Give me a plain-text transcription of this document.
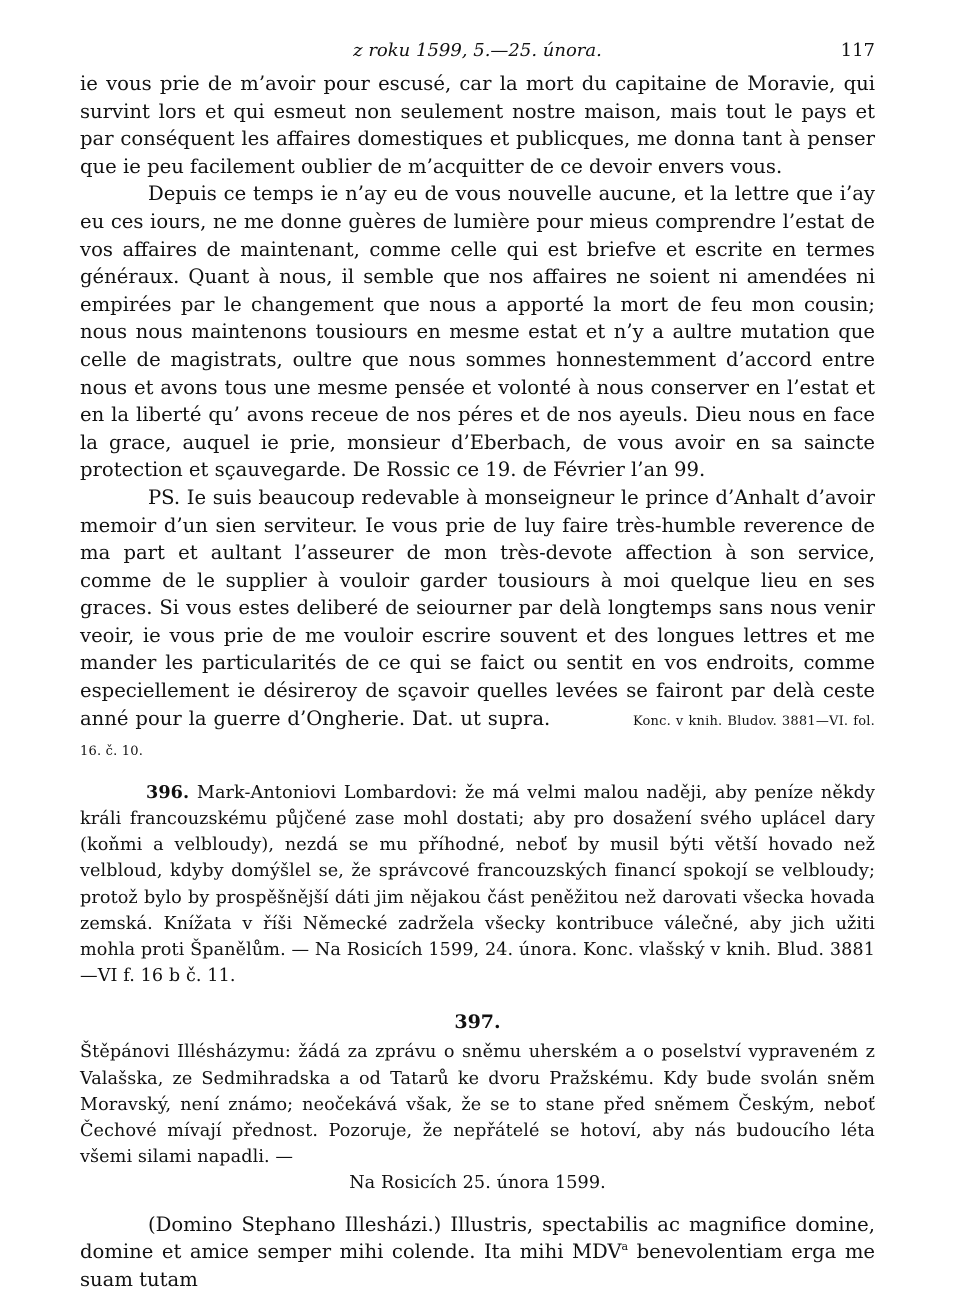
z roku 1599, 5.—25. února.	117

ie vous prie de m’avoir pour escusé, car la mort du capitaine de Moravie, qui survint lors et qui esmeut non seulement nostre maison, mais tout le pays et par conséquent les affaires domestiques et publicques, me donna tant à penser que ie peu facilement oublier de m’acquitter de ce devoir envers vous.

Depuis ce temps ie n’ay eu de vous nouvelle aucune, et la lettre que i’ay eu ces iours, ne me donne guères de lumière pour mieus comprendre l’estat de vos affaires de maintenant, comme celle qui est briefve et escrite en termes généraux. Quant à nous, il semble que nos affaires ne soient ni amendées ni empirées par le changement que nous a apporté la mort de feu mon cousin; nous nous maintenons tousiours en mesme estat et n’y a aultre mutation que celle de magistrats, oultre que nous sommes honnestemment d’accord entre nous et avons tous une mesme pensée et volonté à nous conserver en l’estat et en la liberté qu’ avons receue de nos péres et de nos ayeuls. Dieu nous en face la grace, auquel ie prie, monsieur d’Eberbach, de vous avoir en sa saincte protection et sçauvegarde. De Rossic ce 19. de Février l’an 99.

PS. Ie suis beaucoup redevable à monseigneur le prince d’Anhalt d’avoir memoir d’un sien serviteur. Ie vous prie de luy faire très-humble reverence de ma part et aultant l’asseurer de mon très-devote affection à son service, comme de le supplier à vouloir garder tousiours à moi quelque lieu en ses graces. Si vous estes deliberé de seiourner par delà longtemps sans nous venir veoir, ie vous prie de me vouloir escrire souvent et des longues lettres et me mander les particularités de ce qui se faict ou sentit en vos endroits, comme especiellement ie désireroy de sçavoir quelles levées se fairont par delà ceste anné pour la guerre d’Ongherie. Dat. ut supra.	Konc. v knih. Bludov. 3881—VI. fol. 16. č. 10.

396. Mark-Antoniovi Lombardovi: že má velmi malou naději, aby peníze někdy králi francouzskému půjčené zase mohl dostati; aby pro dosažení svého uplácel dary (koňmi a velbloudy), nezdá se mu příhodné, neboť by musil býti větší hovado než velbloud, kdyby domýšlel se, že správcové francouzských financí spokojí se velbloudy; protož bylo by prospěšnější dáti jim nějakou část peněžitou než darovati všecka hovada zemská. Knížata v říši Německé zadržela všecky kontribuce válečné, aby jich užiti mohla proti Španělům. — Na Rosicích 1599, 24. února. Konc. vlašský v knih. Blud. 3881—VI f. 16 b č. 11.
397.
Štěpánovi Illésházymu: žádá za zprávu o sněmu uherském a o poselství vypraveném z Valašska, ze Sedmihradska a od Tatarů ke dvoru Pražskému. Kdy bude svolán sněm Moravský, není známo; neočekává však, že se to stane před sněmem Českým, neboť Čechové mívají přednost. Pozoruje, že nepřátelé se hotoví, aby nás budoucího léta všemi silami napadli. —
Na Rosicích 25. února 1599.

(Domino Stephano Illesházi.) Illustris, spectabilis ac magnifice domine, domine et amice semper mihi colende. Ita mihi MDV$^a$ benevolentiam erga me suam tutam
